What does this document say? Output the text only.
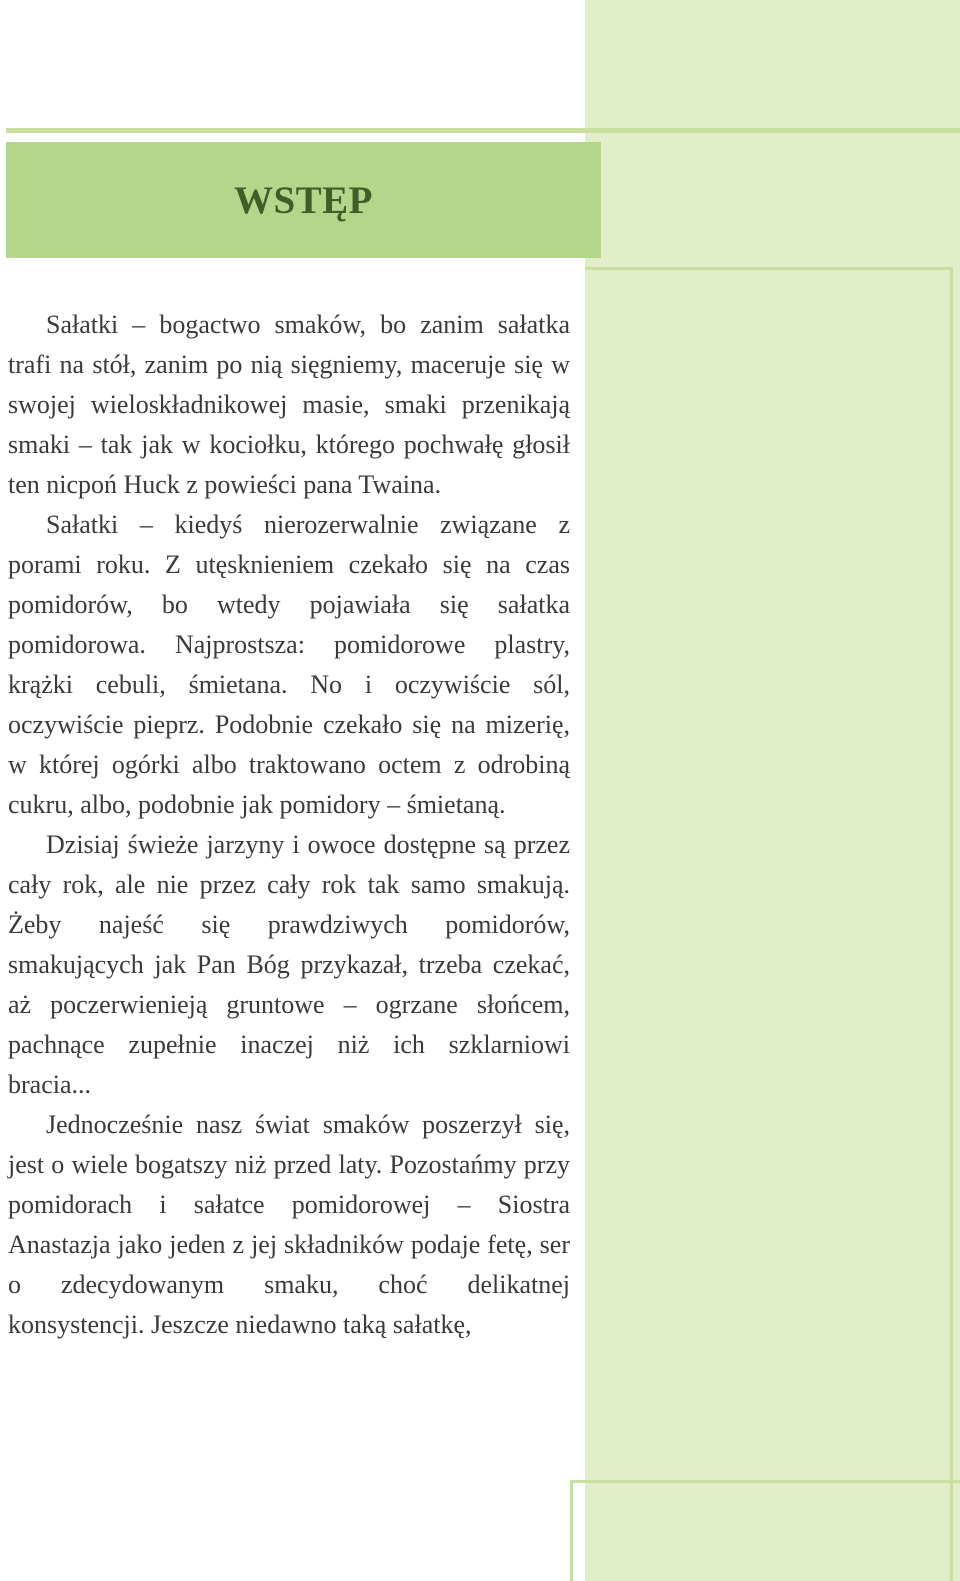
WSTĘP

Sałatki – bogactwo smaków, bo zanim sałatka trafi na stół, zanim po nią sięgniemy, maceruje się w swojej wieloskładnikowej masie, smaki przenikają smaki – tak jak w kociołku, którego pochwałę głosił ten nicpoń Huck z powieści pana Twaina.

Sałatki – kiedyś nierozerwalnie związane z porami roku. Z utęsknieniem czekało się na czas pomidorów, bo wtedy pojawiała się sałatka pomidorowa. Najprostsza: pomidorowe plastry, krążki cebuli, śmietana. No i oczywiście sól, oczywiście pieprz. Podobnie czekało się na mizerię, w której ogórki albo traktowano octem z odrobiną cukru, albo, podobnie jak pomidory – śmietaną.

Dzisiaj świeże jarzyny i owoce dostępne są przez cały rok, ale nie przez cały rok tak samo smakują. Żeby najeść się prawdziwych pomidorów, smakujących jak Pan Bóg przykazał, trzeba czekać, aż poczerwienieją gruntowe – ogrzane słońcem, pachnące zupełnie inaczej niż ich szklarniowi bracia...

Jednocześnie nasz świat smaków poszerzył się, jest o wiele bogatszy niż przed laty. Pozostańmy przy pomidorach i sałatce pomidorowej – Siostra Anastazja jako jeden z jej składników podaje fetę, ser o zdecydowanym smaku, choć delikatnej konsystencji. Jeszcze niedawno taką sałatkę,
